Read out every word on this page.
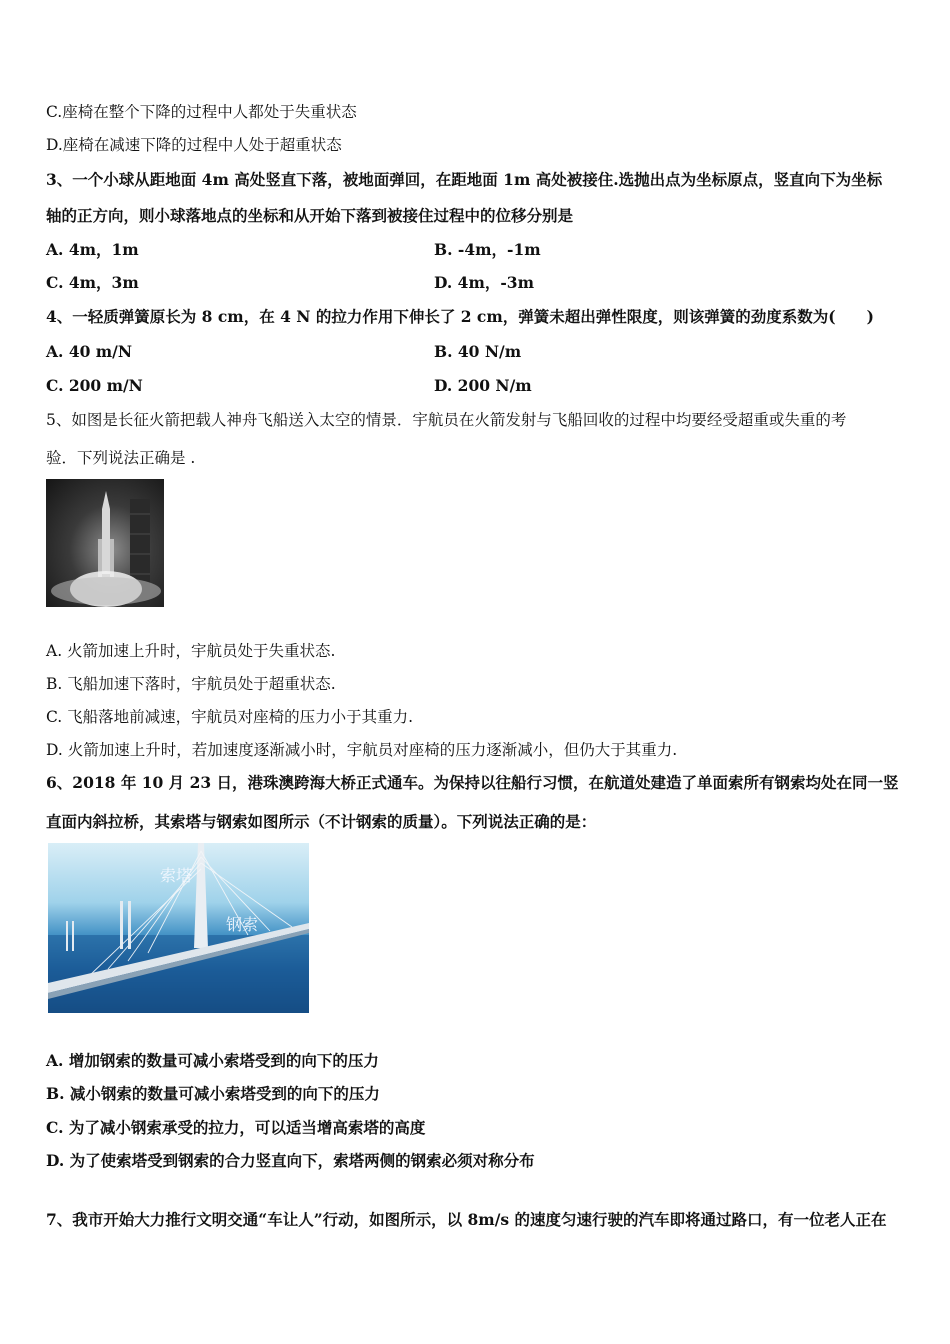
C.座椅在整个下降的过程中人都处于失重状态
D.座椅在减速下降的过程中人处于超重状态
3、一个小球从距地面 4m 高处竖直下落，被地面弹回，在距地面 1m 高处被接住.选抛出点为坐标原点，竖直向下为坐标
轴的正方向，则小球落地点的坐标和从开始下落到被接住过程中的位移分别是
A. 4m，1m	B. -4m，-1m
C. 4m，3m	D. 4m，-3m
4、一轻质弹簧原长为 8 cm，在 4 N 的拉力作用下伸长了 2 cm，弹簧未超出弹性限度，则该弹簧的劲度系数为(　　)
A. 40 m/N	B. 40 N/m
C. 200 m/N	D. 200 N/m
5、如图是长征火箭把载人神舟飞船送入太空的情景．宇航员在火箭发射与飞船回收的过程中均要经受超重或失重的考
验．下列说法正确是 .
A. 火箭加速上升时，宇航员处于失重状态.
B. 飞船加速下落时，宇航员处于超重状态.
C. 飞船落地前减速，宇航员对座椅的压力小于其重力.
D. 火箭加速上升时，若加速度逐渐减小时，宇航员对座椅的压力逐渐减小，但仍大于其重力.
6、2018 年 10 月 23 日，港珠澳跨海大桥正式通车。为保持以往船行习惯，在航道处建造了单面索所有钢索均处在同一竖
直面内斜拉桥，其索塔与钢索如图所示（不计钢索的质量）。下列说法正确的是：
索塔
钢索
A. 增加钢索的数量可减小索塔受到的向下的压力
B. 减小钢索的数量可减小索塔受到的向下的压力
C. 为了减小钢索承受的拉力，可以适当增高索塔的高度
D. 为了使索塔受到钢索的合力竖直向下，索塔两侧的钢索必须对称分布
7、我市开始大力推行文明交通“车让人”行动，如图所示，以 8m/s 的速度匀速行驶的汽车即将通过路口，有一位老人正在
